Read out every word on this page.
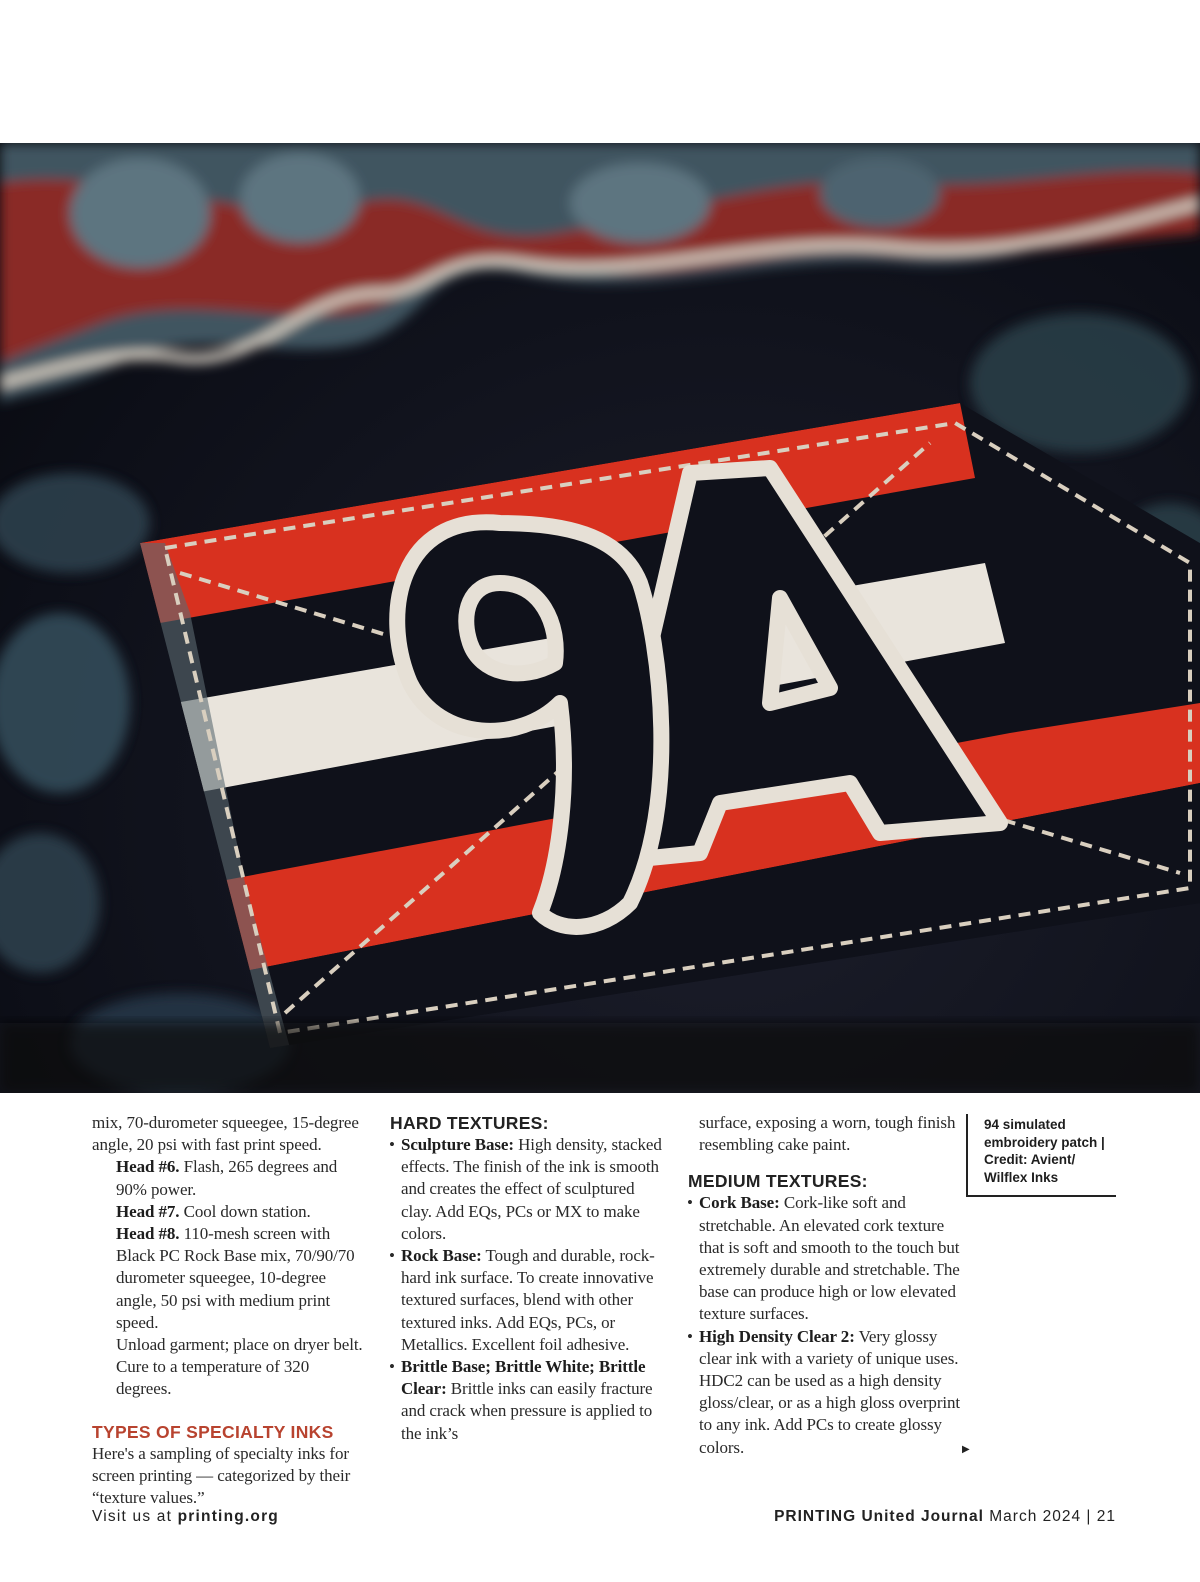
mix, 70-durometer squeegee, 15-degree angle, 20 psi with fast print speed.

Head #6. Flash, 265 degrees and 90% power.

Head #7. Cool down station.

Head #8. 110-mesh screen with Black PC Rock Base mix, 70/90/70 durometer squeegee, 10-degree angle, 50 psi with medium print speed.

Unload garment; place on dryer belt. Cure to a temperature of 320 degrees.

TYPES OF SPECIALTY INKS

Here's a sampling of specialty inks for screen printing — categorized by their “texture values.”

HARD TEXTURES:
• Sculpture Base: High density, stacked effects. The finish of the ink is smooth and creates the effect of sculptured clay. Add EQs, PCs or MX to make colors.
• Rock Base: Tough and durable, rock-hard ink surface. To create innovative textured surfaces, blend with other textured inks. Add EQs, PCs, or Metallics. Excellent foil adhesive.
• Brittle Base; Brittle White; Brittle Clear: Brittle inks can easily fracture and crack when pressure is applied to the ink’s

surface, exposing a worn, tough finish resembling cake paint.

MEDIUM TEXTURES:
• Cork Base: Cork-like soft and stretchable. An elevated cork texture that is soft and smooth to the touch but extremely durable and stretchable. The base can produce high or low elevated texture surfaces.
• High Density Clear 2: Very glossy clear ink with a variety of unique uses. HDC2 can be used as a high density gloss/clear, or as a high gloss overprint to any ink. Add PCs to create glossy colors.
94 simulated embroidery patch | Credit: Avient/ Wilflex Inks
▶
Visit us at printing.org	PRINTING United Journal March 2024 | 21
